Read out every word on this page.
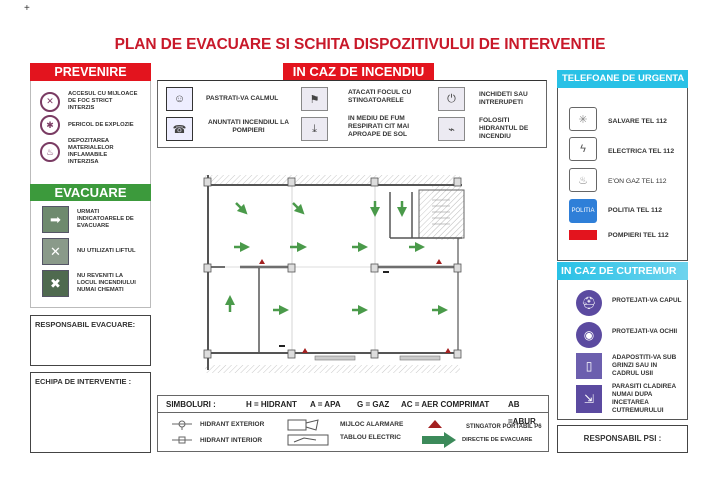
+
PLAN DE EVACUARE SI SCHITA DISPOZITIVULUI DE INTERVENTIE
✕
ACCESUL CU MIJLOACE DE FOC STRICT INTERZIS
✱	PERICOL DE EXPLOZIE
♨
DEPOZITAREA MATERIALELOR INFLAMABILE INTERZISA
PREVENIRE
➡	URMATI INDICATOARELE DE EVACUARE
✕	NU UTILIZATI LIFTUL
✖	NU REVENITI LA LOCUL INCENDIULUI NUMAI CHEMATI
EVACUARE
RESPONSABIL EVACUARE:
ECHIPA DE INTERVENTIE :
☺	PASTRATI-VA CALMUL
☎
ANUNTATI INCENDIUL LA POMPIERI
⚑
ATACATI FOCUL CU STINGATOARELE
⤓
IN MEDIU DE FUM RESPIRATI CIT MAI APROAPE DE SOL
⏻	INCHIDETI SAU INTRERUPETI
⌁
FOLOSITI HIDRANTUL DE INCENDIU
IN CAZ DE INCENDIU
SIMBOLURI :	H = HIDRANT A = APA G = GAZ AC = AER COMPRIMAT AB =ABUR
HIDRANT EXTERIOR
HIDRANT INTERIOR
MIJLOC ALARMARE
TABLOU ELECTRIC
STINGATOR PORTABIL P6
DIRECTIE DE EVACUARE
TELEFOANE DE URGENTA
✳	SALVARE TEL 112
ϟ	ELECTRICA TEL 112
♨	E'ON GAZ TEL 112
POLITIA	POLITIA TEL 112
POMPIERI TEL 112
IN CAZ DE CUTREMUR
⛑	PROTEJATI-VA CAPUL
◉	PROTEJATI-VA OCHII
▯
ADAPOSTITI-VA SUB GRINZI SAU IN CADRUL USII
⇲
PARASITI CLADIREA NUMAI DUPA INCETAREA CUTREMURULUI
RESPONSABIL PSI :
